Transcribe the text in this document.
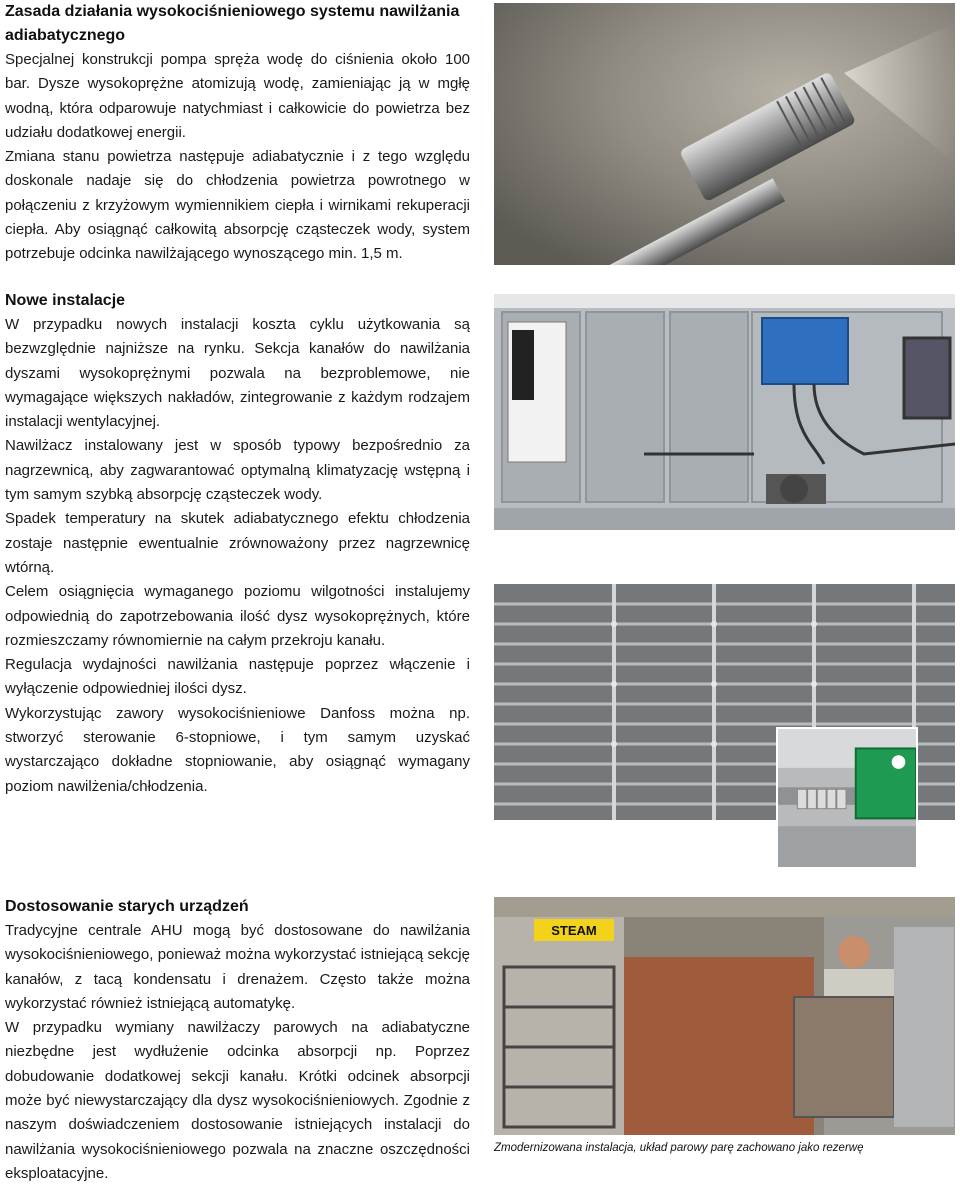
Zasada działania wysokociśnieniowego systemu nawilżania adiabatycznego

Specjalnej konstrukcji pompa spręża wodę do ciśnienia około 100 bar. Dysze wysokoprężne atomizują wodę, zamieniając ją w mgłę wodną, która odparowuje natychmiast i całkowicie do powietrza bez udziału dodatkowej energii.

Zmiana stanu powietrza następuje adiabatycznie i z tego względu doskonale nadaje się do chłodzenia powietrza powrotnego w połączeniu z krzyżowym wymiennikiem ciepła i wirnikami rekuperacji ciepła. Aby osiągnąć całkowitą absorpcję cząsteczek wody, system potrzebuje odcinka nawilżającego wynoszącego min. 1,5 m.

Nowe instalacje

W przypadku nowych instalacji koszta cyklu użytkowania są bezwzględnie najniższe na rynku. Sekcja kanałów do nawilżania dyszami wysokoprężnymi pozwala na bezproblemowe, nie wymagające większych nakładów, zintegrowanie z każdym rodzajem instalacji wentylacyjnej.

Nawilżacz instalowany jest w sposób typowy bezpośrednio za nagrzewnicą, aby zagwarantować optymalną klimatyzację wstępną i tym samym szybką absorpcję cząsteczek wody.

Spadek temperatury na skutek adiabatycznego efektu chłodzenia zostaje następnie ewentualnie zrównoważony przez nagrzewnicę wtórną.

Celem osiągnięcia wymaganego poziomu wilgotności instalujemy odpowiednią do zapotrzebowania ilość dysz wysokoprężnych, które rozmieszczamy równomiernie na całym przekroju kanału.

Regulacja wydajności nawilżania następuje poprzez włączenie i wyłączenie odpowiedniej ilości dysz.

Wykorzystując zawory wysokociśnieniowe Danfoss można np. stworzyć sterowanie 6-stopniowe, i tym samym uzyskać wystarczająco dokładne stopniowanie, aby osiągnąć wymagany poziom nawilżenia/chłodzenia.

Dostosowanie starych urządzeń

Tradycyjne centrale AHU mogą być dostosowane do nawilżania wysokociśnieniowego, ponieważ można wykorzystać istniejącą sekcję kanałów, z tacą kondensatu i drenażem. Często także można wykorzystać również istniejącą automatykę.

W przypadku wymiany nawilżaczy parowych na adiabatyczne niezbędne jest wydłużenie odcinka absorpcji np. Poprzez dobudowanie dodatkowej sekcji kanału. Krótki odcinek absorpcji może być niewystarczający dla dysz wysokociśnieniowych. Zgodnie z naszym doświadczeniem dostosowanie istniejących instalacji do nawilżania wysokociśnieniowego pozwala na znaczne oszczędności eksploatacyjne.

STEAM
Zmodernizowana instalacja, układ parowy parę zachowano jako rezerwę
